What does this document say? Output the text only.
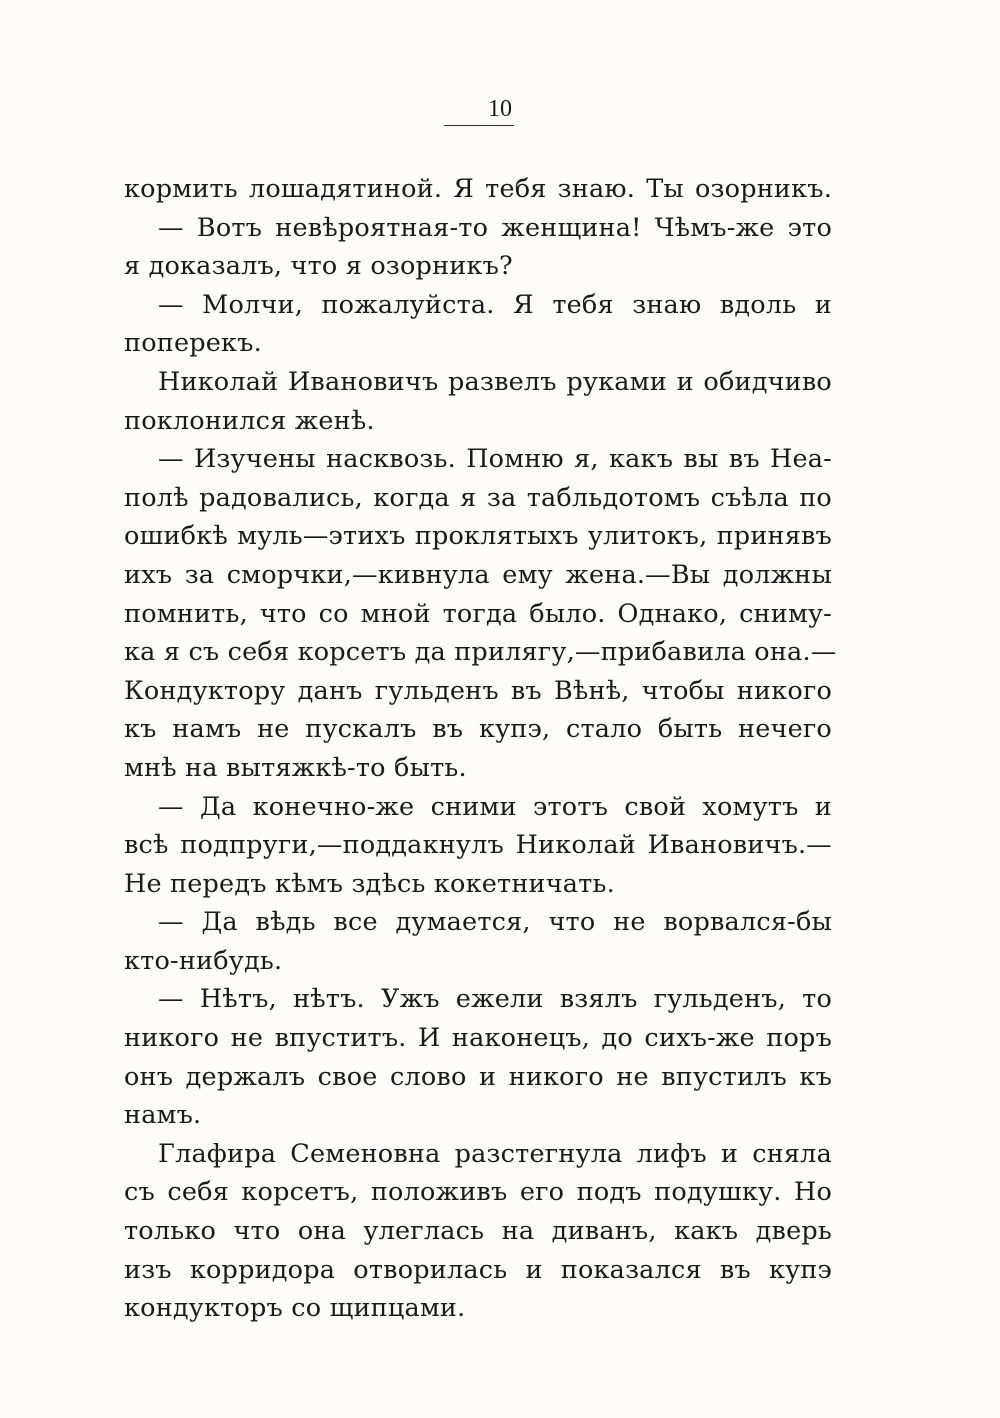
10
кормить лошадятиной. Я тебя знаю. Ты озорникъ.
— Вотъ невѣроятная-то женщина! Чѣмъ-же это
я доказалъ, что я озорникъ?
— Молчи, пожалуйста. Я тебя знаю вдоль и
поперекъ.
Николай Ивановичъ развелъ руками и обидчиво
поклонился женѣ.
— Изучены насквозь. Помню я, какъ вы въ Неа-
полѣ радовались, когда я за табльдотомъ съѣла по
ошибкѣ муль—этихъ проклятыхъ улитокъ, принявъ
ихъ за сморчки,—кивнула ему жена.—Вы должны
помнить, что со мной тогда было. Однако, сниму-
ка я съ себя корсетъ да прилягу,—прибавила она.—
Кондуктору данъ гульденъ въ Вѣнѣ, чтобы никого
къ намъ не пускалъ въ купэ, стало быть нечего
мнѣ на вытяжкѣ-то быть.
— Да конечно-же сними этотъ свой хомутъ и
всѣ подпруги,—поддакнулъ Николай Ивановичъ.—
Не передъ кѣмъ здѣсь кокетничать.
— Да вѣдь все думается, что не ворвался-бы
кто-нибудь.
— Нѣтъ, нѣтъ. Ужъ ежели взялъ гульденъ, то
никого не впуститъ. И наконецъ, до сихъ-же поръ
онъ держалъ свое слово и никого не впустилъ къ
намъ.
Глафира Семеновна разстегнула лифъ и сняла
съ себя корсетъ, положивъ его подъ подушку. Но
только что она улеглась на диванъ, какъ дверь
изъ корридора отворилась и показался въ купэ
кондукторъ со щипцами.
